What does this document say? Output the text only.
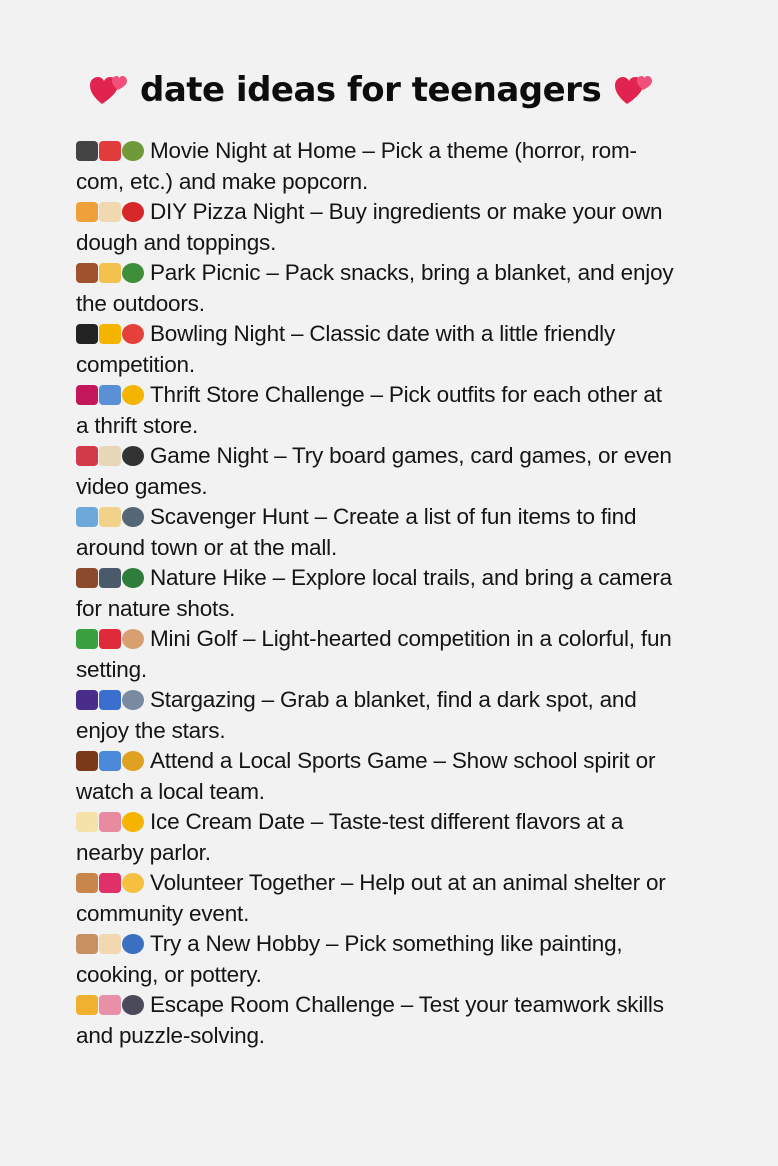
date ideas for teenagers
Movie Night at Home – Pick a theme (horror, rom-com, etc.) and make popcorn.
DIY Pizza Night – Buy ingredients or make your own dough and toppings.
Park Picnic – Pack snacks, bring a blanket, and enjoy the outdoors.
Bowling Night – Classic date with a little friendly competition.
Thrift Store Challenge – Pick outfits for each other at a thrift store.
Game Night – Try board games, card games, or even video games.
Scavenger Hunt – Create a list of fun items to find around town or at the mall.
Nature Hike – Explore local trails, and bring a camera for nature shots.
Mini Golf – Light-hearted competition in a colorful, fun setting.
Stargazing – Grab a blanket, find a dark spot, and enjoy the stars.
Attend a Local Sports Game – Show school spirit or watch a local team.
Ice Cream Date – Taste-test different flavors at a nearby parlor.
Volunteer Together – Help out at an animal shelter or community event.
Try a New Hobby – Pick something like painting, cooking, or pottery.
Escape Room Challenge – Test your teamwork skills and puzzle-solving.
